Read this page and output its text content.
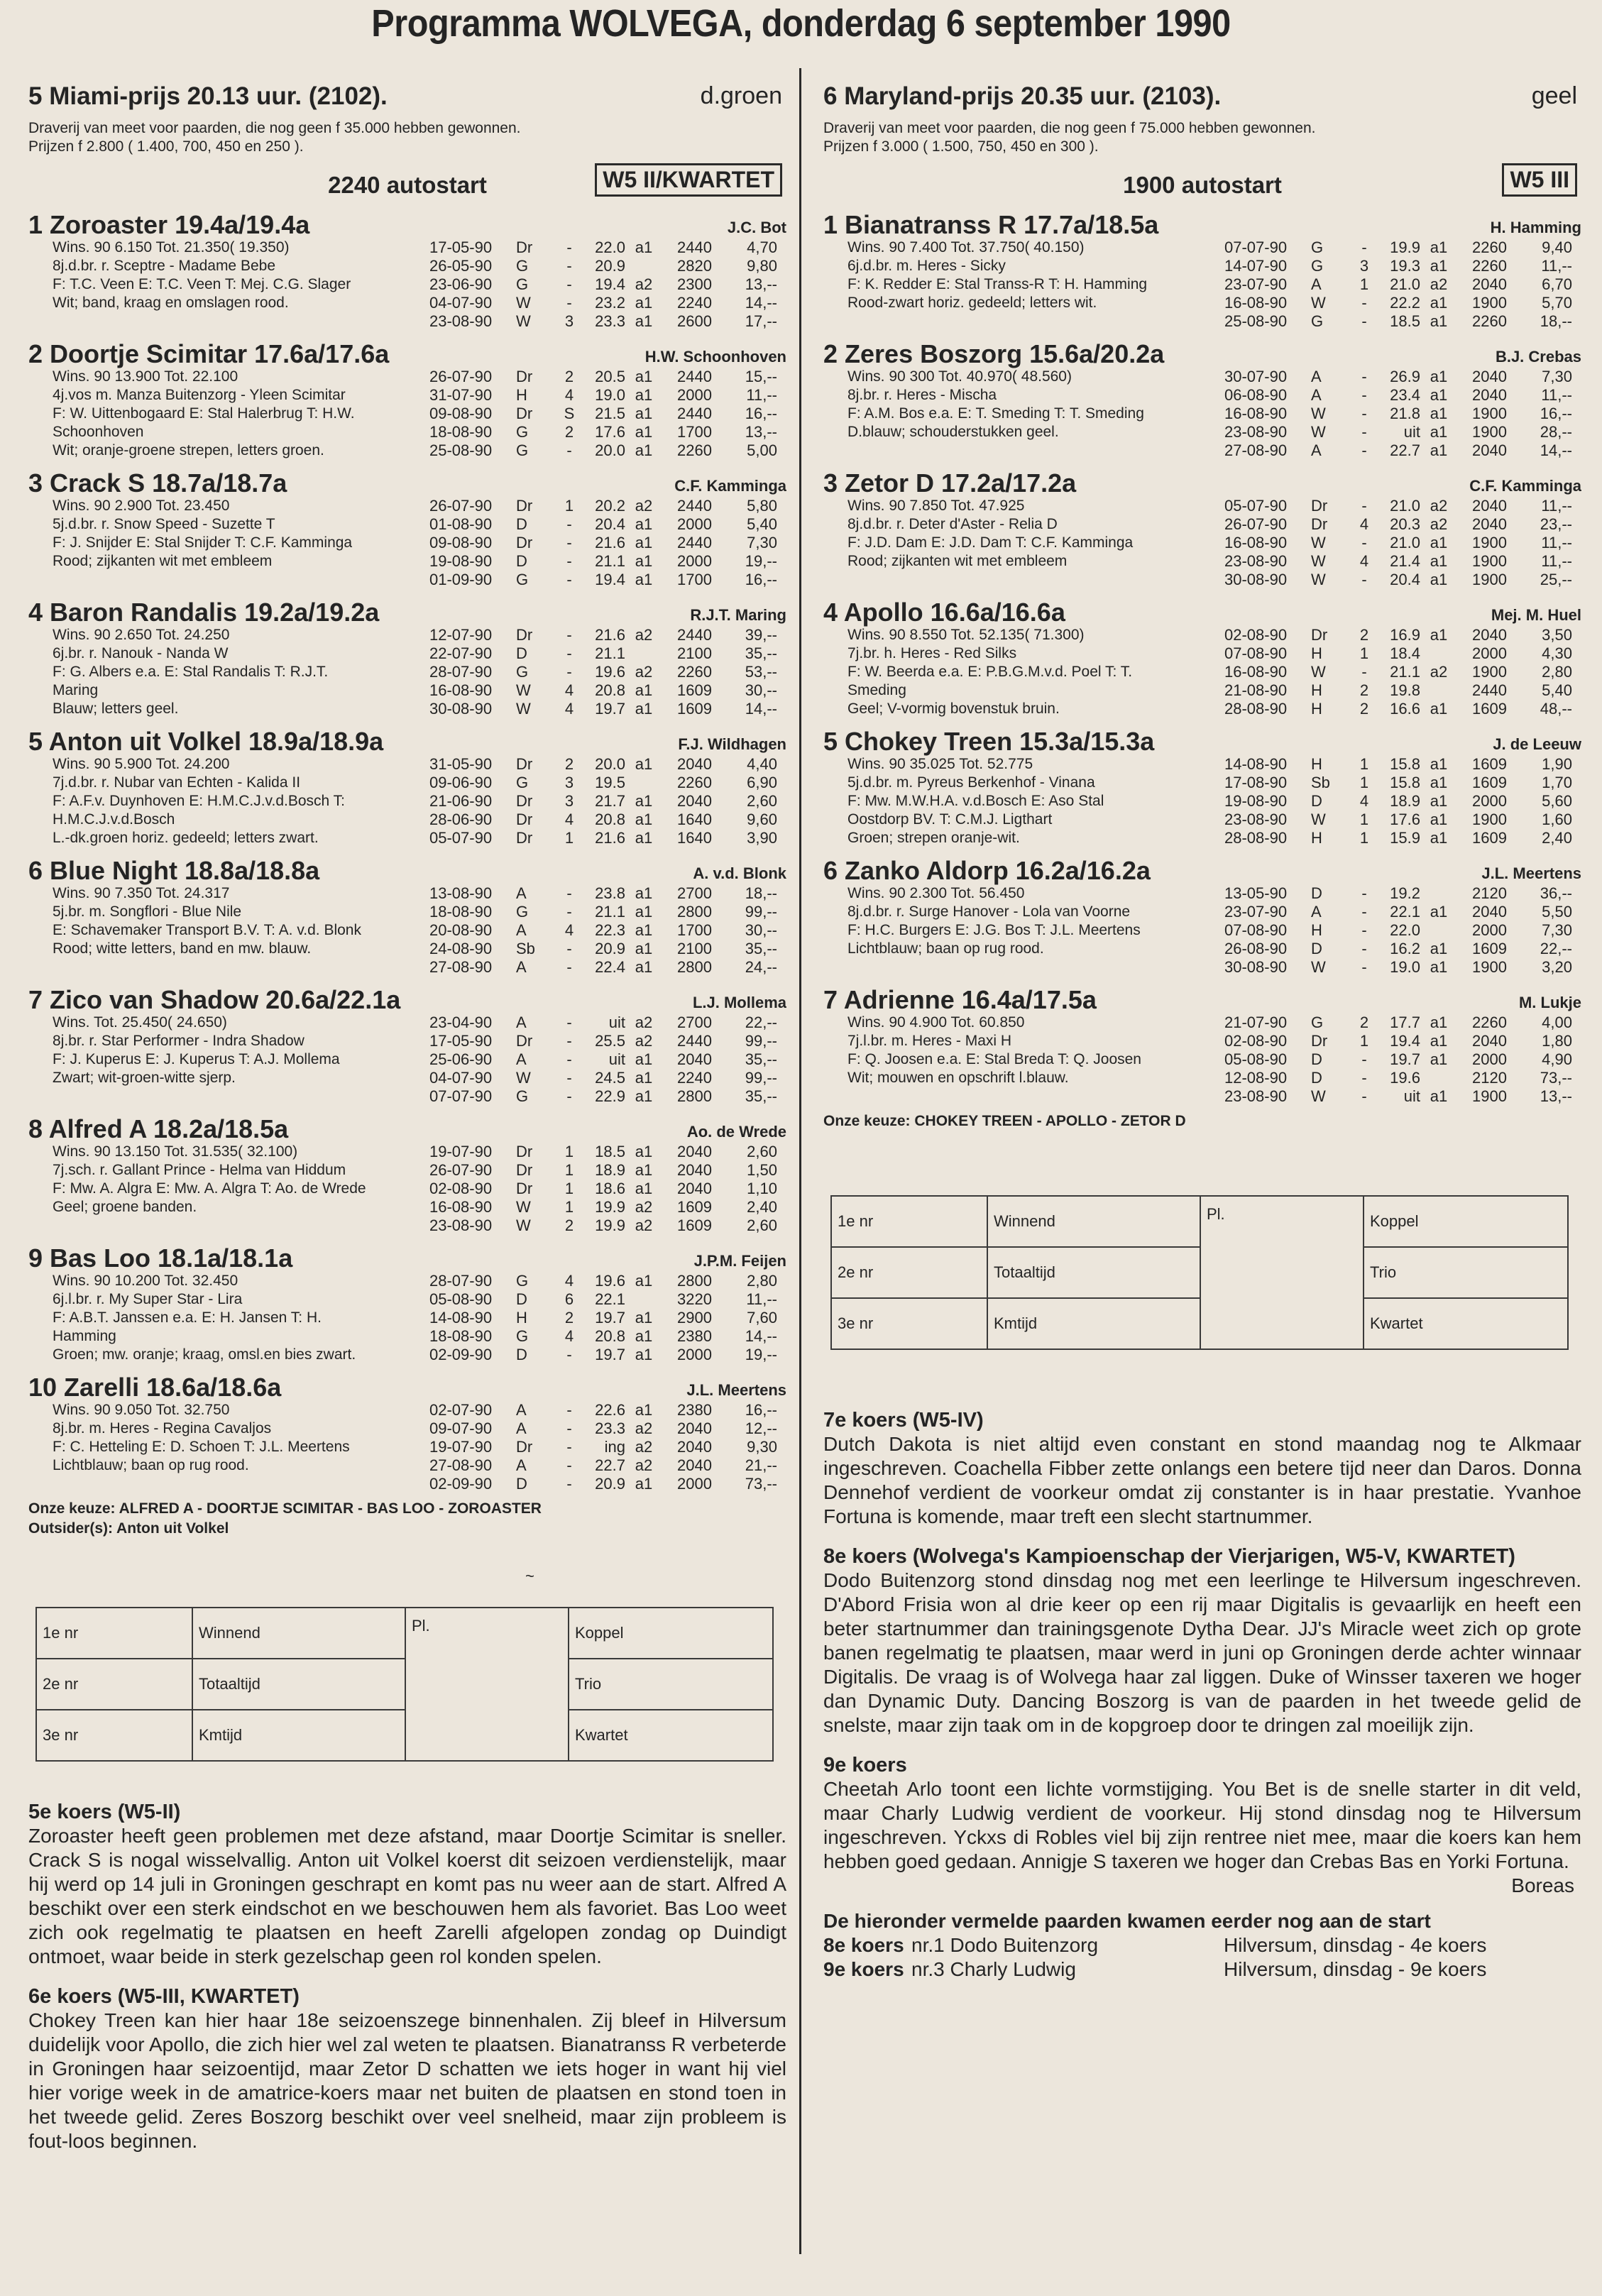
Programma WOLVEGA, donderdag 6 september 1990
5 Miami-prijs 20.13 uur. (2102).	d.groen
Draverij van meet voor paarden, die nog geen f 35.000 hebben gewonnen.
Prijzen f 2.800 ( 1.400, 700, 450 en 250 ).
2240 autostart	W5 II/KWARTET
1 Zoroaster 19.4a/19.4a	J.C. Bot
Wins. 90 6.150 Tot. 21.350( 19.350)
8j.d.br. r. Sceptre - Madame Bebe
F: T.C. Veen E: T.C. Veen T: Mej. C.G. Slager
Wit; band, kraag en omslagen rood.
17-05-90	Dr	-	22.0 a1	2440	4,70
26-05-90	G	-	20.9	2820	9,80
23-06-90	G	-	19.4 a2	2300	13,--
04-07-90	W	-	23.2 a1	2240	14,--
23-08-90	W	3	23.3 a1	2600	17,--
2 Doortje Scimitar 17.6a/17.6a	H.W. Schoonhoven
Wins. 90 13.900 Tot. 22.100
4j.vos m. Manza Buitenzorg - Yleen Scimitar
F: W. Uittenbogaard E: Stal Halerbrug T: H.W.
Schoonhoven
Wit; oranje-groene strepen, letters groen.
26-07-90	Dr	2	20.5 a1	2440	15,--
31-07-90	H	4	19.0 a1	2000	11,--
09-08-90	Dr	S	21.5 a1	2440	16,--
18-08-90	G	2	17.6 a1	1700	13,--
25-08-90	G	-	20.0 a1	2260	5,00
3 Crack S 18.7a/18.7a	C.F. Kamminga
Wins. 90 2.900 Tot. 23.450
5j.d.br. r. Snow Speed - Suzette T
F: J. Snijder E: Stal Snijder T: C.F. Kamminga
Rood; zijkanten wit met embleem
26-07-90	Dr	1	20.2 a2	2440	5,80
01-08-90	D	-	20.4 a1	2000	5,40
09-08-90	Dr	-	21.6 a1	2440	7,30
19-08-90	D	-	21.1 a1	2000	19,--
01-09-90	G	-	19.4 a1	1700	16,--
4 Baron Randalis 19.2a/19.2a	R.J.T. Maring
Wins. 90 2.650 Tot. 24.250
6j.br. r. Nanouk - Nanda W
F: G. Albers e.a. E: Stal Randalis T: R.J.T.
Maring
Blauw; letters geel.
12-07-90	Dr	-	21.6 a2	2440	39,--
22-07-90	D	-	21.1	2100	35,--
28-07-90	G	-	19.6 a2	2260	53,--
16-08-90	W	4	20.8 a1	1609	30,--
30-08-90	W	4	19.7 a1	1609	14,--
5 Anton uit Volkel 18.9a/18.9a	F.J. Wildhagen
Wins. 90 5.900 Tot. 24.200
7j.d.br. r. Nubar van Echten - Kalida II
F: A.F.v. Duynhoven E: H.M.C.J.v.d.Bosch T:
H.M.C.J.v.d.Bosch
L.-dk.groen horiz. gedeeld; letters zwart.
31-05-90	Dr	2	20.0 a1	2040	4,40
09-06-90	G	3	19.5	2260	6,90
21-06-90	Dr	3	21.7 a1	2040	2,60
28-06-90	Dr	4	20.8 a1	1640	9,60
05-07-90	Dr	1	21.6 a1	1640	3,90
6 Blue Night 18.8a/18.8a	A. v.d. Blonk
Wins. 90 7.350 Tot. 24.317
5j.br. m. Songflori - Blue Nile
E: Schavemaker Transport B.V. T: A. v.d. Blonk
Rood; witte letters, band en mw. blauw.
13-08-90	A	-	23.8 a1	2700	18,--
18-08-90	G	-	21.1 a1	2800	99,--
20-08-90	A	4	22.3 a1	1700	30,--
24-08-90	Sb	-	20.9 a1	2100	35,--
27-08-90	A	-	22.4 a1	2800	24,--
7 Zico van Shadow 20.6a/22.1a	L.J. Mollema
Wins. Tot. 25.450( 24.650)
8j.br. r. Star Performer - Indra Shadow
F: J. Kuperus E: J. Kuperus T: A.J. Mollema
Zwart; wit-groen-witte sjerp.
23-04-90	A	-	uit a2	2700	22,--
17-05-90	Dr	-	25.5 a2	2440	99,--
25-06-90	A	-	uit a1	2040	35,--
04-07-90	W	-	24.5 a1	2240	99,--
07-07-90	G	-	22.9 a1	2800	35,--
8 Alfred A 18.2a/18.5a	Ao. de Wrede
Wins. 90 13.150 Tot. 31.535( 32.100)
7j.sch. r. Gallant Prince - Helma van Hiddum
F: Mw. A. Algra E: Mw. A. Algra T: Ao. de Wrede
Geel; groene banden.
19-07-90	Dr	1	18.5 a1	2040	2,60
26-07-90	Dr	1	18.9 a1	2040	1,50
02-08-90	Dr	1	18.6 a1	2040	1,10
16-08-90	W	1	19.9 a2	1609	2,40
23-08-90	W	2	19.9 a2	1609	2,60
9 Bas Loo 18.1a/18.1a	J.P.M. Feijen
Wins. 90 10.200 Tot. 32.450
6j.l.br. r. My Super Star - Lira
F: A.B.T. Janssen e.a. E: H. Jansen T: H.
Hamming
Groen; mw. oranje; kraag, omsl.en bies zwart.
28-07-90	G	4	19.6 a1	2800	2,80
05-08-90	D	6	22.1	3220	11,--
14-08-90	H	2	19.7 a1	2900	7,60
18-08-90	G	4	20.8 a1	2380	14,--
02-09-90	D	-	19.7 a1	2000	19,--
10 Zarelli 18.6a/18.6a	J.L. Meertens
Wins. 90 9.050 Tot. 32.750
8j.br. m. Heres - Regina Cavaljos
F: C. Hetteling E: D. Schoen T: J.L. Meertens
Lichtblauw; baan op rug rood.
02-07-90	A	-	22.6 a1	2380	16,--
09-07-90	A	-	23.3 a2	2040	12,--
19-07-90	Dr	-	ing a2	2040	9,30
27-08-90	A	-	22.7 a2	2040	21,--
02-09-90	D	-	20.9 a1	2000	73,--
Onze keuze: ALFRED A - DOORTJE SCIMITAR - BAS LOO - ZOROASTER
Outsider(s): Anton uit Volkel
~
1e nr	Winnend	Pl.	Koppel
2e nr	Totaaltijd		Trio
3e nr	Kmtijd		Kwartet
5e koers (W5-II)
Zoroaster heeft geen problemen met deze afstand, maar Doortje Scimitar is sneller. Crack S is nogal wisselvallig. Anton uit Volkel koerst dit seizoen verdienstelijk, maar hij werd op 14 juli in Groningen geschrapt en komt pas nu weer aan de start. Alfred A beschikt over een sterk eindschot en we beschouwen hem als favoriet. Bas Loo weet zich ook regelmatig te plaatsen en heeft Zarelli afgelopen zondag op Duindigt ontmoet, waar beide in sterk gezelschap geen rol konden spelen.
6e koers (W5-III, KWARTET)
Chokey Treen kan hier haar 18e seizoenszege binnenhalen. Zij bleef in Hilversum duidelijk voor Apollo, die zich hier wel zal weten te plaatsen. Bianatranss R verbeterde in Groningen haar seizoentijd, maar Zetor D schatten we iets hoger in want hij viel hier vorige week in de amatrice-koers maar net buiten de plaatsen en stond toen in het tweede gelid. Zeres Boszorg beschikt over veel snelheid, maar zijn probleem is fout-loos beginnen.
6 Maryland-prijs 20.35 uur. (2103).	geel
Draverij van meet voor paarden, die nog geen f 75.000 hebben gewonnen.
Prijzen f 3.000 ( 1.500, 750, 450 en 300 ).
1900 autostart	W5 III
1 Bianatranss R 17.7a/18.5a	H. Hamming
Wins. 90 7.400 Tot. 37.750( 40.150)
6j.d.br. m. Heres - Sicky
F: K. Redder E: Stal Transs-R T: H. Hamming
Rood-zwart horiz. gedeeld; letters wit.
07-07-90	G	-	19.9 a1	2260	9,40
14-07-90	G	3	19.3 a1	2260	11,--
23-07-90	A	1	21.0 a2	2040	6,70
16-08-90	W	-	22.2 a1	1900	5,70
25-08-90	G	-	18.5 a1	2260	18,--
2 Zeres Boszorg 15.6a/20.2a	B.J. Crebas
Wins. 90 300 Tot. 40.970( 48.560)
8j.br. r. Heres - Mischa
F: A.M. Bos e.a. E: T. Smeding T: T. Smeding
D.blauw; schouderstukken geel.
30-07-90	A	-	26.9 a1	2040	7,30
06-08-90	A	-	23.4 a1	2040	11,--
16-08-90	W	-	21.8 a1	1900	16,--
23-08-90	W	-	uit a1	1900	28,--
27-08-90	A	-	22.7 a1	2040	14,--
3 Zetor D 17.2a/17.2a	C.F. Kamminga
Wins. 90 7.850 Tot. 47.925
8j.d.br. r. Deter d'Aster - Relia D
F: J.D. Dam E: J.D. Dam T: C.F. Kamminga
Rood; zijkanten wit met embleem
05-07-90	Dr	-	21.0 a2	2040	11,--
26-07-90	Dr	4	20.3 a2	2040	23,--
16-08-90	W	-	21.0 a1	1900	11,--
23-08-90	W	4	21.4 a1	1900	11,--
30-08-90	W	-	20.4 a1	1900	25,--
4 Apollo 16.6a/16.6a	Mej. M. Huel
Wins. 90 8.550 Tot. 52.135( 71.300)
7j.br. h. Heres - Red Silks
F: W. Beerda e.a. E: P.B.G.M.v.d. Poel T: T.
Smeding
Geel; V-vormig bovenstuk bruin.
02-08-90	Dr	2	16.9 a1	2040	3,50
07-08-90	H	1	18.4	2000	4,30
16-08-90	W	-	21.1 a2	1900	2,80
21-08-90	H	2	19.8	2440	5,40
28-08-90	H	2	16.6 a1	1609	48,--
5 Chokey Treen 15.3a/15.3a	J. de Leeuw
Wins. 90 35.025 Tot. 52.775
5j.d.br. m. Pyreus Berkenhof - Vinana
F: Mw. M.W.H.A. v.d.Bosch E: Aso Stal
Oostdorp BV. T: C.M.J. Ligthart
Groen; strepen oranje-wit.
14-08-90	H	1	15.8 a1	1609	1,90
17-08-90	Sb	1	15.8 a1	1609	1,70
19-08-90	D	4	18.9 a1	2000	5,60
23-08-90	W	1	17.6 a1	1900	1,60
28-08-90	H	1	15.9 a1	1609	2,40
6 Zanko Aldorp 16.2a/16.2a	J.L. Meertens
Wins. 90 2.300 Tot. 56.450
8j.d.br. r. Surge Hanover - Lola van Voorne
F: H.C. Burgers E: J.G. Bos T: J.L. Meertens
Lichtblauw; baan op rug rood.
13-05-90	D	-	19.2	2120	36,--
23-07-90	A	-	22.1 a1	2040	5,50
07-08-90	H	-	22.0	2000	7,30
26-08-90	D	-	16.2 a1	1609	22,--
30-08-90	W	-	19.0 a1	1900	3,20
7 Adrienne 16.4a/17.5a	M. Lukje
Wins. 90 4.900 Tot. 60.850
7j.l.br. m. Heres - Maxi H
F: Q. Joosen e.a. E: Stal Breda T: Q. Joosen
Wit; mouwen en opschrift l.blauw.
21-07-90	G	2	17.7 a1	2260	4,00
02-08-90	Dr	1	19.4 a1	2040	1,80
05-08-90	D	-	19.7 a1	2000	4,90
12-08-90	D	-	19.6	2120	73,--
23-08-90	W	-	uit a1	1900	13,--
Onze keuze: CHOKEY TREEN - APOLLO - ZETOR D
1e nr	Winnend	Pl.	Koppel
2e nr	Totaaltijd		Trio
3e nr	Kmtijd		Kwartet
7e koers (W5-IV)
Dutch Dakota is niet altijd even constant en stond maandag nog te Alkmaar ingeschreven. Coachella Fibber zette onlangs een betere tijd neer dan Daros. Donna Dennehof verdient de voorkeur omdat zij constanter is in haar prestatie. Yvanhoe Fortuna is komende, maar treft een slecht startnummer.
8e koers (Wolvega's Kampioenschap der Vierjarigen, W5-V, KWARTET)
Dodo Buitenzorg stond dinsdag nog met een leerlinge te Hilversum ingeschreven. D'Abord Frisia won al drie keer op een rij maar Digitalis is gevaarlijk en heeft een beter startnummer dan trainingsgenote Dytha Dear. JJ's Miracle weet zich op grote banen regelmatig te plaatsen, maar werd in juni op Groningen derde achter winnaar Digitalis. De vraag is of Wolvega haar zal liggen. Duke of Winsser taxeren we hoger dan Dynamic Duty. Dancing Boszorg is van de paarden in het tweede gelid de snelste, maar zijn taak om in de kopgroep door te dringen zal moeilijk zijn.
9e koers
Cheetah Arlo toont een lichte vormstijging. You Bet is de snelle starter in dit veld, maar Charly Ludwig verdient de voorkeur. Hij stond dinsdag nog te Hilversum ingeschreven. Yckxs di Robles viel bij zijn rentree niet mee, maar die koers kan hem hebben goed gedaan. Annigje S taxeren we hoger dan Crebas Bas en Yorki Fortuna.
Boreas
De hieronder vermelde paarden kwamen eerder nog aan de start
8e koers nr.1 Dodo Buitenzorg	Hilversum, dinsdag - 4e koers
9e koers nr.3 Charly Ludwig	Hilversum, dinsdag - 9e koers
